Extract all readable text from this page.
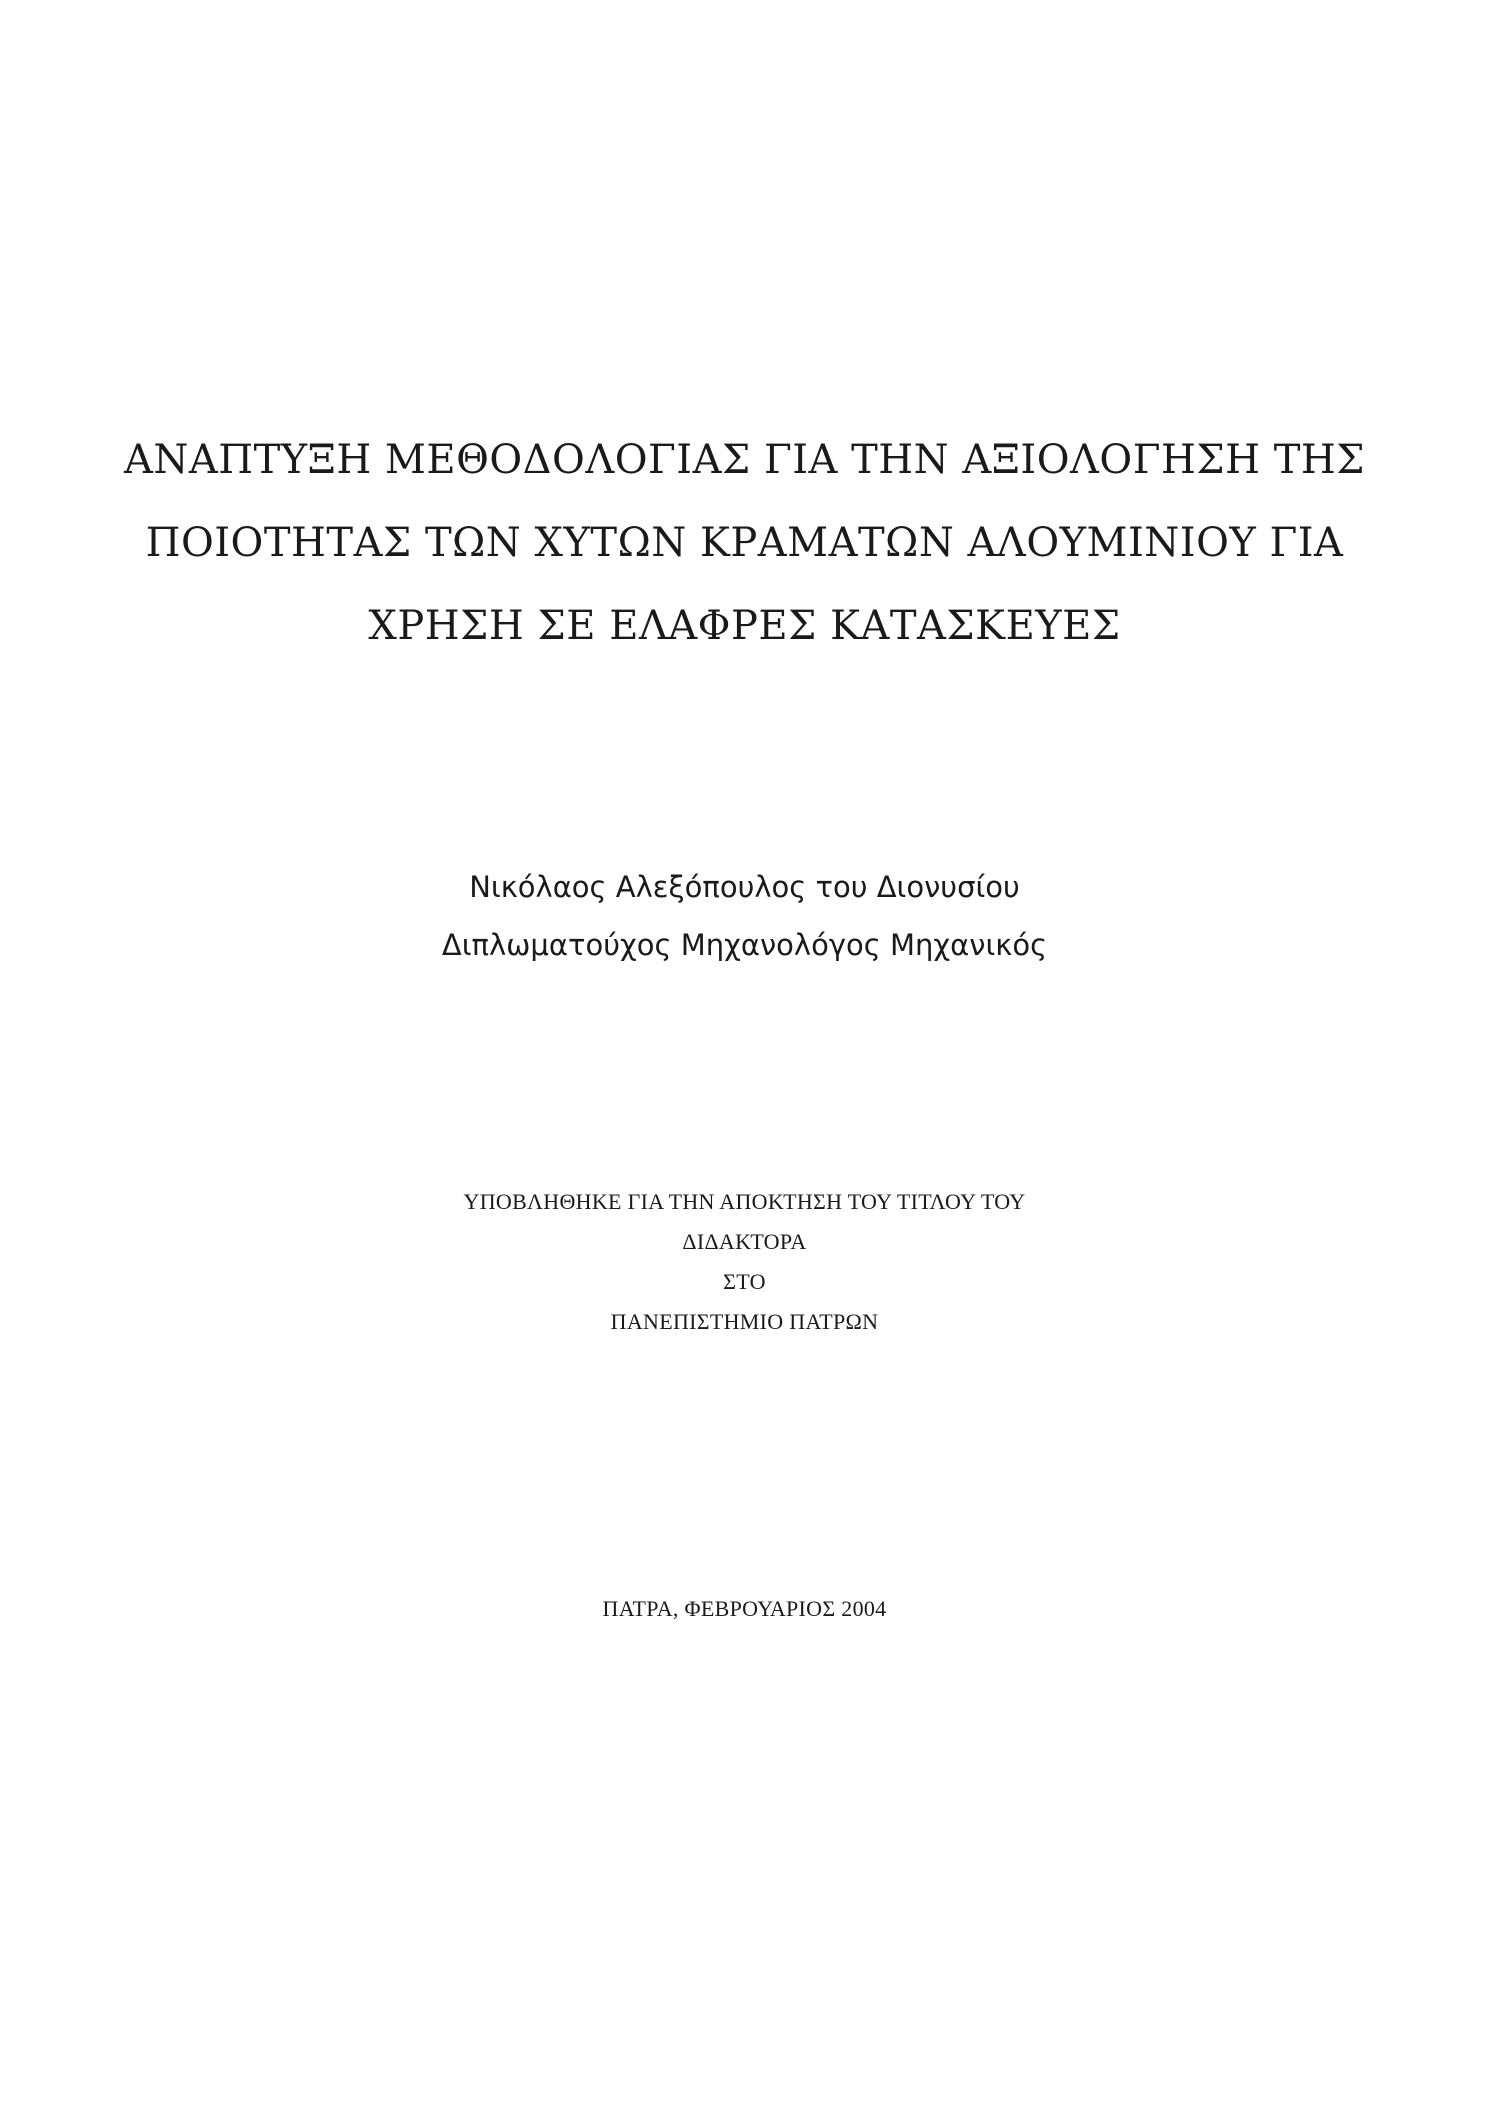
ΑΝΑΠΤΥΞΗ ΜΕΘΟΔΟΛΟΓΙΑΣ ΓΙΑ ΤΗΝ ΑΞΙΟΛΟΓΗΣΗ ΤΗΣ
ΠΟΙΟΤΗΤΑΣ ΤΩΝ ΧΥΤΩΝ ΚΡΑΜΑΤΩΝ ΑΛΟΥΜΙΝΙΟΥ ΓΙΑ
ΧΡΗΣΗ ΣΕ ΕΛΑΦΡΕΣ ΚΑΤΑΣΚΕΥΕΣ
Νικόλαος Αλεξόπουλος του Διονυσίου
Διπλωματούχος Μηχανολόγος Μηχανικός
ΥΠΟΒΛΗΘΗΚΕ ΓΙΑ ΤΗΝ ΑΠΟΚΤΗΣΗ ΤΟΥ ΤΙΤΛΟΥ ΤΟΥ
ΔΙΔΑΚΤΟΡΑ
ΣΤΟ
ΠΑΝΕΠΙΣΤΗΜΙΟ ΠΑΤΡΩΝ
ΠΑΤΡΑ, ΦΕΒΡΟΥΑΡΙΟΣ 2004
